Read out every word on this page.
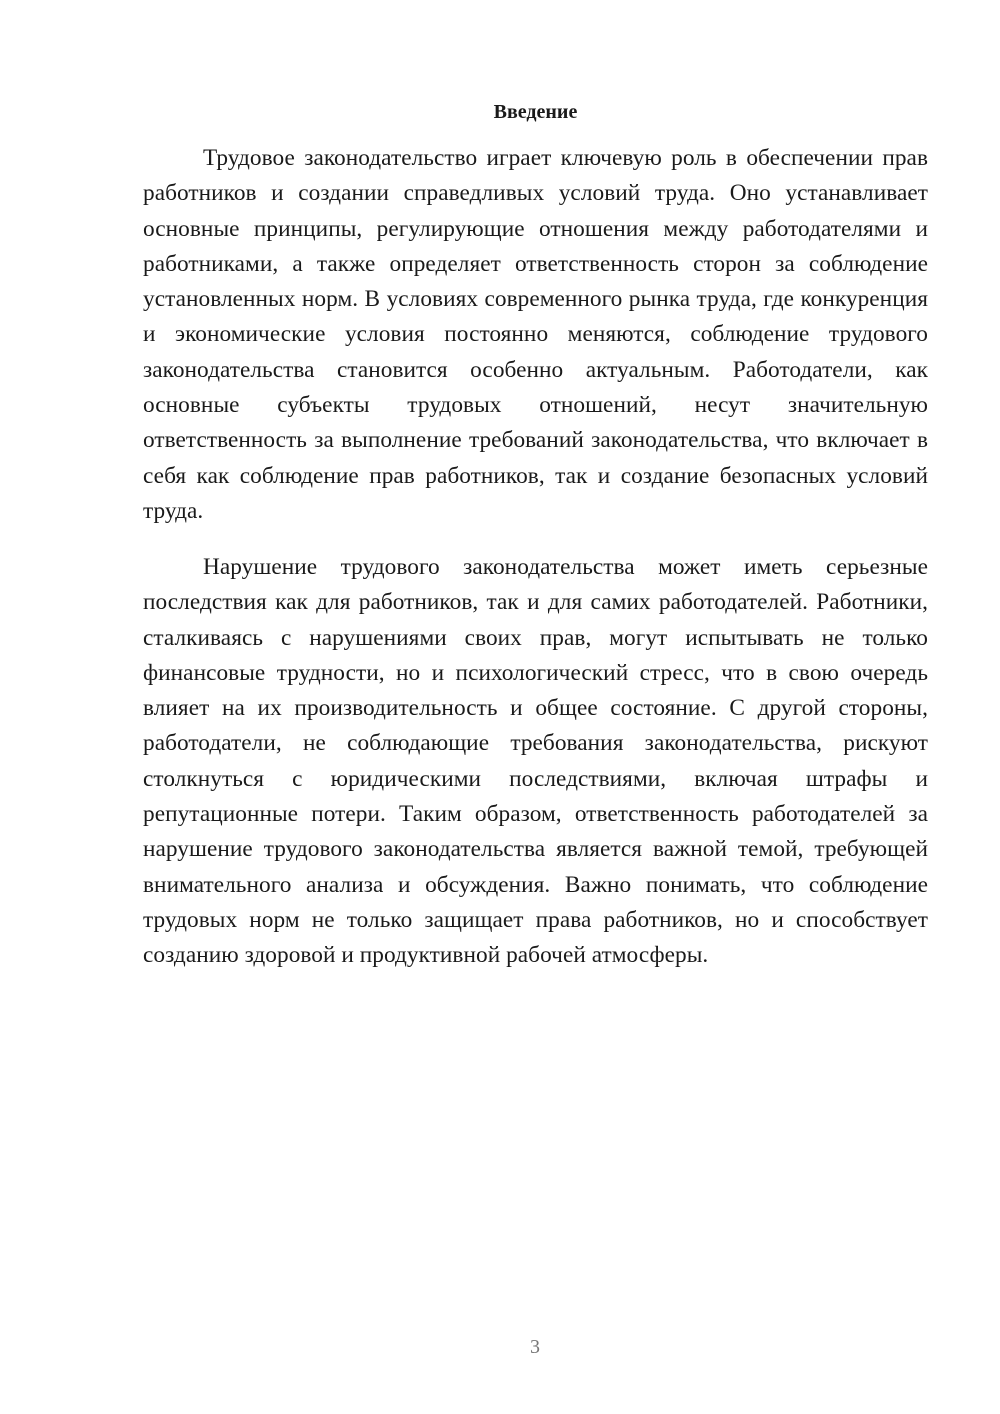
Введение

Трудовое законодательство играет ключевую роль в обеспечении прав работников и создании справедливых условий труда. Оно устанавливает основные принципы, регулирующие отношения между работодателями и работниками, а также определяет ответственность сторон за соблюдение установленных норм. В условиях современного рынка труда, где конкуренция и экономические условия постоянно меняются, соблюдение трудового законодательства становится особенно актуальным. Работодатели, как основные субъекты трудовых отношений, несут значительную ответственность за выполнение требований законодательства, что включает в себя как соблюдение прав работников, так и создание безопасных условий труда.

Нарушение трудового законодательства может иметь серьезные последствия как для работников, так и для самих работодателей. Работники, сталкиваясь с нарушениями своих прав, могут испытывать не только финансовые трудности, но и психологический стресс, что в свою очередь влияет на их производительность и общее состояние. С другой стороны, работодатели, не соблюдающие требования законодательства, рискуют столкнуться с юридическими последствиями, включая штрафы и репутационные потери. Таким образом, ответственность работодателей за нарушение трудового законодательства является важной темой, требующей внимательного анализа и обсуждения. Важно понимать, что соблюдение трудовых норм не только защищает права работников, но и способствует созданию здоровой и продуктивной рабочей атмосферы.

3
